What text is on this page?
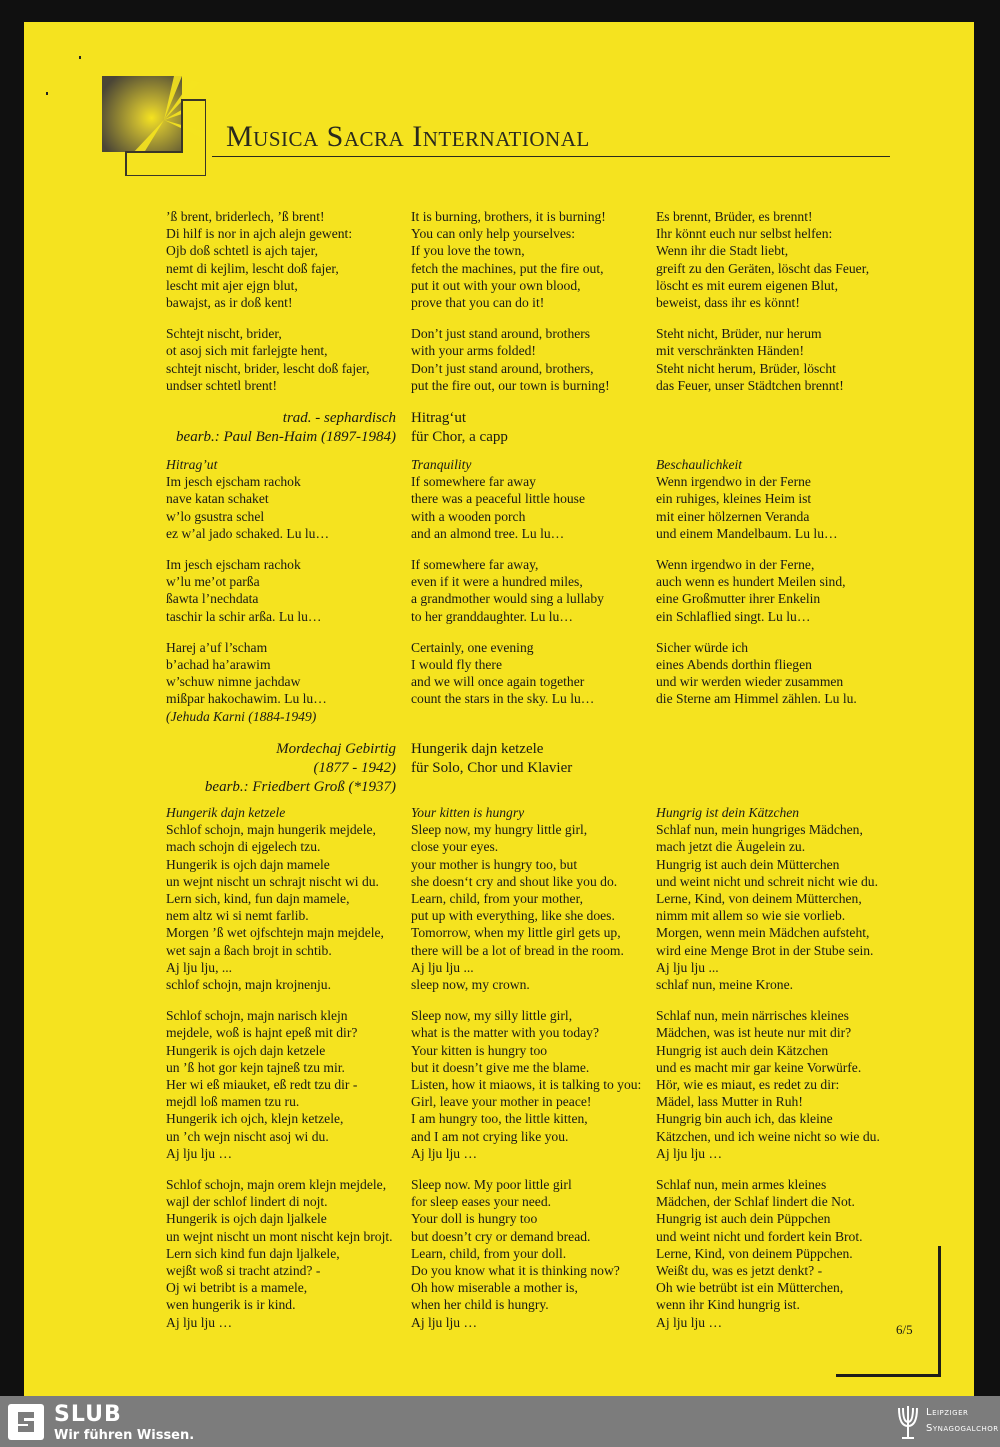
Musica Sacra International
’ß brent, briderlech, ’ß brent!
Di hilf is nor in ajch alejn gewent:
Ojb doß schtetl is ajch tajer,
nemt di kejlim, lescht doß fajer,
lescht mit ajer ejgn blut,
bawajst, as ir doß kent!
Schtejt nischt, brider,
ot asoj sich mit farlejgte hent,
schtejt nischt, brider, lescht doß fajer,
undser schtetl brent!
It is burning, brothers, it is burning!
You can only help yourselves:
If you love the town,
fetch the machines, put the fire out,
put it out with your own blood,
prove that you can do it!
Don’t just stand around, brothers
with your arms folded!
Don’t just stand around, brothers,
put the fire out, our town is burning!
Es brennt, Brüder, es brennt!
Ihr könnt euch nur selbst helfen:
Wenn ihr die Stadt liebt,
greift zu den Geräten, löscht das Feuer,
löscht es mit eurem eigenen Blut,
beweist, dass ihr es könnt!
Steht nicht, Brüder, nur herum
mit verschränkten Händen!
Steht nicht herum, Brüder, löscht
das Feuer, unser Städtchen brennt!
trad. - sephardisch
bearb.: Paul Ben-Haim (1897-1984)
Hitrag‘ut
für Chor, a capp
Hitrag’ut
Im jesch ejscham rachok
nave katan schaket
w’lo gsustra schel
ez w’al jado schaked. Lu lu…
Im jesch ejscham rachok
w’lu me’ot parßa
ßawta l’nechdata
taschir la schir arßa. Lu lu…
Harej a’uf l’scham
b’achad ha’arawim
w’schuw nimne jachdaw
mißpar hakochawim. Lu lu…
(Jehuda Karni (1884-1949)
Tranquility
If somewhere far away
there was a peaceful little house
with a wooden porch
and an almond tree. Lu lu…
If somewhere far away,
even if it were a hundred miles,
a grandmother would sing a lullaby
to her granddaughter. Lu lu…
Certainly, one evening
I would fly there
and we will once again together
count the stars in the sky. Lu lu…
Beschaulichkeit
Wenn irgendwo in der Ferne
ein ruhiges, kleines Heim ist
mit einer hölzernen Veranda
und einem Mandelbaum. Lu lu…
Wenn irgendwo in der Ferne,
auch wenn es hundert Meilen sind,
eine Großmutter ihrer Enkelin
ein Schlaflied singt. Lu lu…
Sicher würde ich
eines Abends dorthin fliegen
und wir werden wieder zusammen
die Sterne am Himmel zählen. Lu lu.
Mordechaj Gebirtig
(1877 - 1942)
bearb.: Friedbert Groß (*1937)
Hungerik dajn ketzele
für Solo, Chor und Klavier
Hungerik dajn ketzele
Schlof schojn, majn hungerik mejdele,
mach schojn di ejgelech tzu.
Hungerik is ojch dajn mamele
un wejnt nischt un schrajt nischt wi du.
Lern sich, kind, fun dajn mamele,
nem altz wi si nemt farlib.
Morgen ’ß wet ojfschtejn majn mejdele,
wet sajn a ßach brojt in schtib.
Aj lju lju, ...
schlof schojn, majn krojnenju.
Schlof schojn, majn narisch klejn
mejdele, woß is hajnt epeß mit dir?
Hungerik is ojch dajn ketzele
un ’ß hot gor kejn tajneß tzu mir.
Her wi eß miauket, eß redt tzu dir -
mejdl loß mamen tzu ru.
Hungerik ich ojch, klejn ketzele,
un ’ch wejn nischt asoj wi du.
Aj lju lju …
Schlof schojn, majn orem klejn mejdele,
wajl der schlof lindert di nojt.
Hungerik is ojch dajn ljalkele
un wejnt nischt un mont nischt kejn brojt.
Lern sich kind fun dajn ljalkele,
wejßt woß si tracht atzind? -
Oj wi betribt is a mamele,
wen hungerik is ir kind.
Aj lju lju …
Your kitten is hungry
Sleep now, my hungry little girl,
close your eyes.
your mother is hungry too, but
she doesn‘t cry and shout like you do.
Learn, child, from your mother,
put up with everything, like she does.
Tomorrow, when my little girl gets up,
there will be a lot of bread in the room.
Aj lju lju ...
sleep now, my crown.
Sleep now, my silly little girl,
what is the matter with you today?
Your kitten is hungry too
but it doesn’t give me the blame.
Listen, how it miaows, it is talking to you:
Girl, leave your mother in peace!
I am hungry too, the little kitten,
and I am not crying like you.
Aj lju lju …
Sleep now. My poor little girl
for sleep eases your need.
Your doll is hungry too
but doesn’t cry or demand bread.
Learn, child, from your doll.
Do you know what it is thinking now?
Oh how miserable a mother is,
when her child is hungry.
Aj lju lju …
Hungrig ist dein Kätzchen
Schlaf nun, mein hungriges Mädchen,
mach jetzt die Äugelein zu.
Hungrig ist auch dein Mütterchen
und weint nicht und schreit nicht wie du.
Lerne, Kind, von deinem Mütterchen,
nimm mit allem so wie sie vorlieb.
Morgen, wenn mein Mädchen aufsteht,
wird eine Menge Brot in der Stube sein.
Aj lju lju ...
schlaf nun, meine Krone.
Schlaf nun, mein närrisches kleines
Mädchen, was ist heute nur mit dir?
Hungrig ist auch dein Kätzchen
und es macht mir gar keine Vorwürfe.
Hör, wie es miaut, es redet zu dir:
Mädel, lass Mutter in Ruh!
Hungrig bin auch ich, das kleine
Kätzchen, und ich weine nicht so wie du.
Aj lju lju …
Schlaf nun, mein armes kleines
Mädchen, der Schlaf lindert die Not.
Hungrig ist auch dein Püppchen
und weint nicht und fordert kein Brot.
Lerne, Kind, von deinem Püppchen.
Weißt du, was es jetzt denkt? -
Oh wie betrübt ist ein Mütterchen,
wenn ihr Kind hungrig ist.
Aj lju lju …	6/5
SLUB
Wir führen Wissen.
Leipziger
Synagogalchor
